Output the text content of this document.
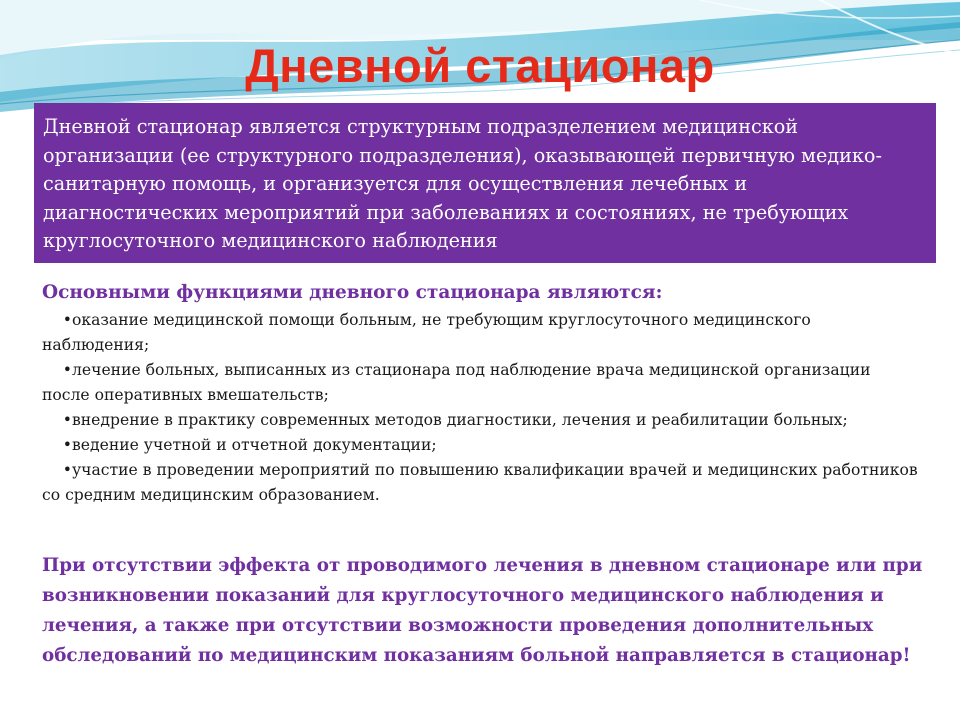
Дневной стационар
Дневной стационар является структурным подразделением медицинской организации (ее структурного подразделения), оказывающей первичную медико-санитарную помощь, и организуется для осуществления лечебных и диагностических мероприятий при заболеваниях и состояниях, не требующих круглосуточного медицинского наблюдения
Основными функциями дневного стационара являются:
•оказание медицинской помощи больным, не требующим круглосуточного медицинского наблюдения;
•лечение больных, выписанных из стационара под наблюдение врача медицинской организации после оперативных вмешательств;
•внедрение в практику современных методов диагностики, лечения и реабилитации больных;
•ведение учетной и отчетной документации;
•участие в проведении мероприятий по повышению квалификации врачей и медицинских работников со средним медицинским образованием.
При отсутствии эффекта от проводимого лечения в дневном стационаре или при возникновении показаний для круглосуточного медицинского наблюдения и лечения, а также при отсутствии возможности проведения дополнительных обследований по медицинским показаниям больной направляется в стационар!
